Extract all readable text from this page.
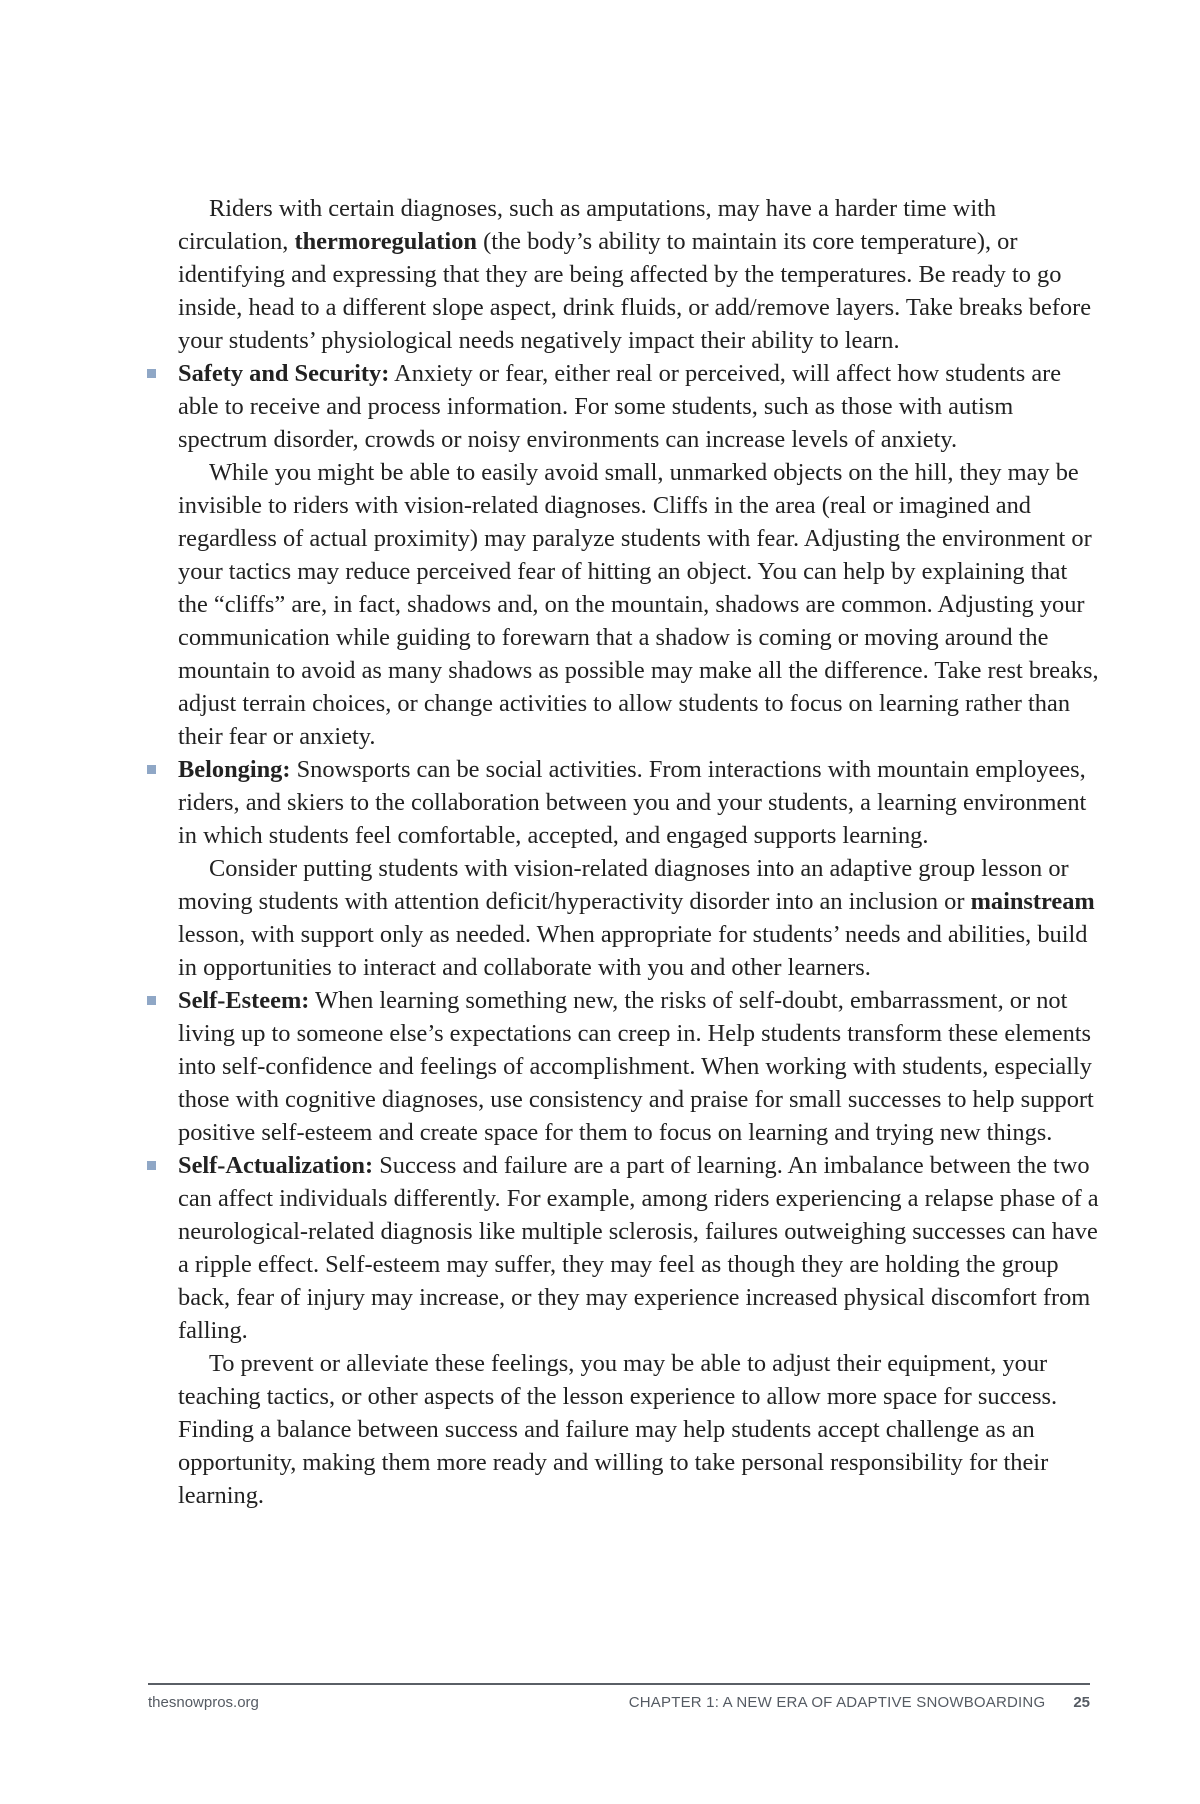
Riders with certain diagnoses, such as amputations, may have a harder time with circulation, thermoregulation (the body’s ability to maintain its core temperature), or identifying and expressing that they are being affected by the temperatures. Be ready to go inside, head to a different slope aspect, drink fluids, or add/remove layers. Take breaks before your students’ physiological needs negatively impact their ability to learn.

Safety and Security: Anxiety or fear, either real or perceived, will affect how students are able to receive and process information. For some students, such as those with autism spectrum disorder, crowds or noisy environments can increase levels of anxiety.

While you might be able to easily avoid small, unmarked objects on the hill, they may be invisible to riders with vision-related diagnoses. Cliffs in the area (real or imagined and regardless of actual proximity) may paralyze students with fear. Adjusting the environment or your tactics may reduce perceived fear of hitting an object. You can help by explaining that the “cliffs” are, in fact, shadows and, on the mountain, shadows are common. Adjusting your communication while guiding to forewarn that a shadow is coming or moving around the mountain to avoid as many shadows as possible may make all the difference. Take rest breaks, adjust terrain choices, or change activities to allow students to focus on learning rather than their fear or anxiety.

Belonging: Snowsports can be social activities. From interactions with mountain employees, riders, and skiers to the collaboration between you and your students, a learning environment in which students feel comfortable, accepted, and engaged supports learning.

Consider putting students with vision-related diagnoses into an adaptive group lesson or moving students with attention deficit/hyperactivity disorder into an inclusion or mainstream lesson, with support only as needed. When appropriate for students’ needs and abilities, build in opportunities to interact and collaborate with you and other learners.

Self-Esteem: When learning something new, the risks of self-doubt, embarrassment, or not living up to someone else’s expectations can creep in. Help students transform these elements into self-confidence and feelings of accomplishment. When working with students, especially those with cognitive diagnoses, use consistency and praise for small successes to help support positive self-esteem and create space for them to focus on learning and trying new things.

Self-Actualization: Success and failure are a part of learning. An imbalance between the two can affect individuals differently. For example, among riders experiencing a relapse phase of a neurological-related diagnosis like multiple sclerosis, failures outweighing successes can have a ripple effect. Self-esteem may suffer, they may feel as though they are holding the group back, fear of injury may increase, or they may experience increased physical discomfort from falling.

To prevent or alleviate these feelings, you may be able to adjust their equipment, your teaching tactics, or other aspects of the lesson experience to allow more space for success. Finding a balance between success and failure may help students accept challenge as an opportunity, making them more ready and willing to take personal responsibility for their learning.

thesnowpros.org	CHAPTER 1: A NEW ERA OF ADAPTIVE SNOWBOARDING 25
